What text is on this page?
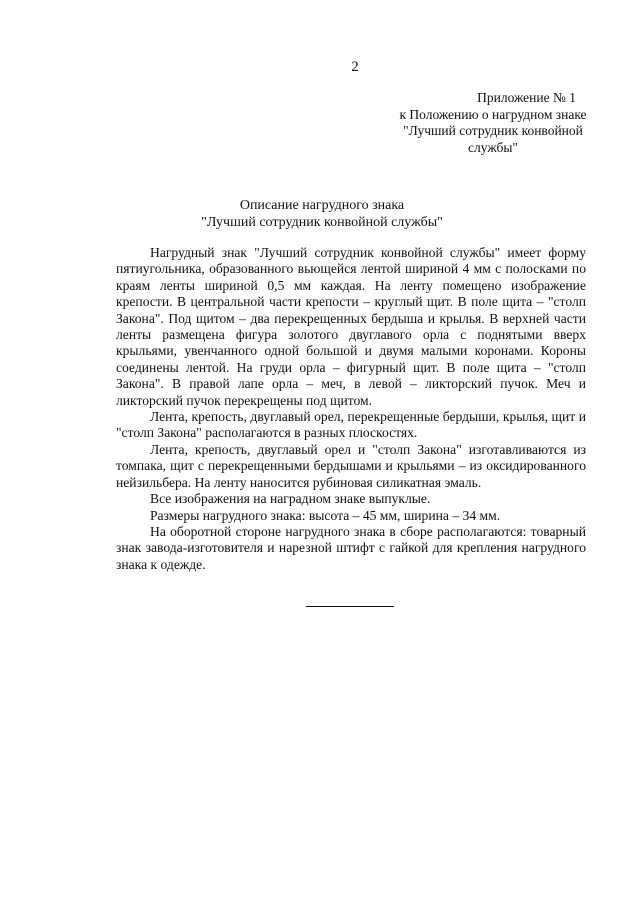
2
Приложение № 1
к Положению о нагрудном знаке
"Лучший сотрудник конвойной
службы"
Описание нагрудного знака
"Лучший сотрудник конвойной службы"

Нагрудный знак "Лучший сотрудник конвойной службы" имеет форму пятиугольника, образованного вьющейся лентой шириной 4 мм с полосками по краям ленты шириной 0,5 мм каждая. На ленту помещено изображение крепости. В центральной части крепости – круглый щит. В поле щита – "столп Закона". Под щитом – два перекрещенных бердыша и крылья. В верхней части ленты размещена фигура золотого двуглавого орла с поднятыми вверх крыльями, увенчанного одной большой и двумя малыми коронами. Короны соединены лентой. На груди орла – фигурный щит. В поле щита – "столп Закона". В правой лапе орла – меч, в левой – ликторский пучок. Меч и ликторский пучок перекрещены под щитом.

Лента, крепость, двуглавый орел, перекрещенные бердыши, крылья, щит и "столп Закона" располагаются в разных плоскостях.

Лента, крепость, двуглавый орел и "столп Закона" изготавливаются из томпака, щит с перекрещенными бердышами и крыльями – из оксидированного нейзильбера. На ленту наносится рубиновая силикатная эмаль.

Все изображения на наградном знаке выпуклые.

Размеры нагрудного знака: высота – 45 мм, ширина – 34 мм.

На оборотной стороне нагрудного знака в сборе располагаются: товарный знак завода-изготовителя и нарезной штифт с гайкой для крепления нагрудного знака к одежде.
